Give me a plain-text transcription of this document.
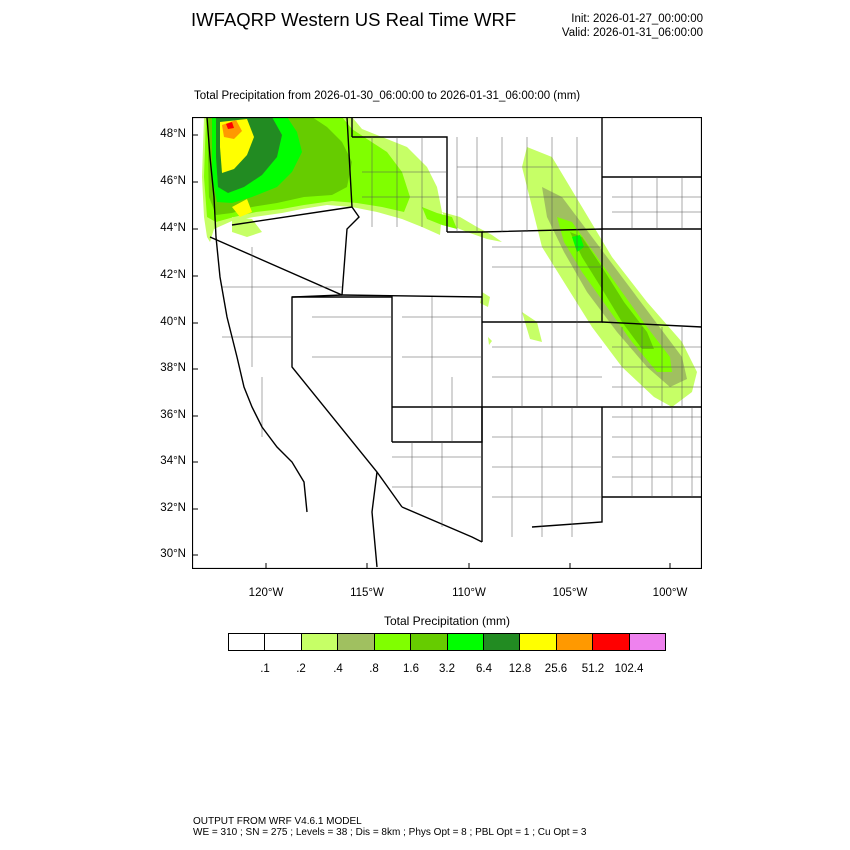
IWFAQRP Western US Real Time WRF	Init: 2026-01-27_00:00:00
Valid: 2026-01-31_06:00:00
Total Precipitation from 2026-01-30_06:00:00 to 2026-01-31_06:00:00 (mm)
48°N
46°N
44°N
42°N
40°N
38°N
36°N
34°N
32°N
30°N
120°W	115°W	110°W	105°W	100°W
Total Precipitation (mm)
.1 .2 .4 .8 1.6 3.2 6.4 12.8 25.6 51.2 102.4
OUTPUT FROM WRF V4.6.1 MODEL
WE = 310 ; SN = 275 ; Levels = 38 ; Dis = 8km ; Phys Opt = 8 ; PBL Opt = 1 ; Cu Opt = 3
